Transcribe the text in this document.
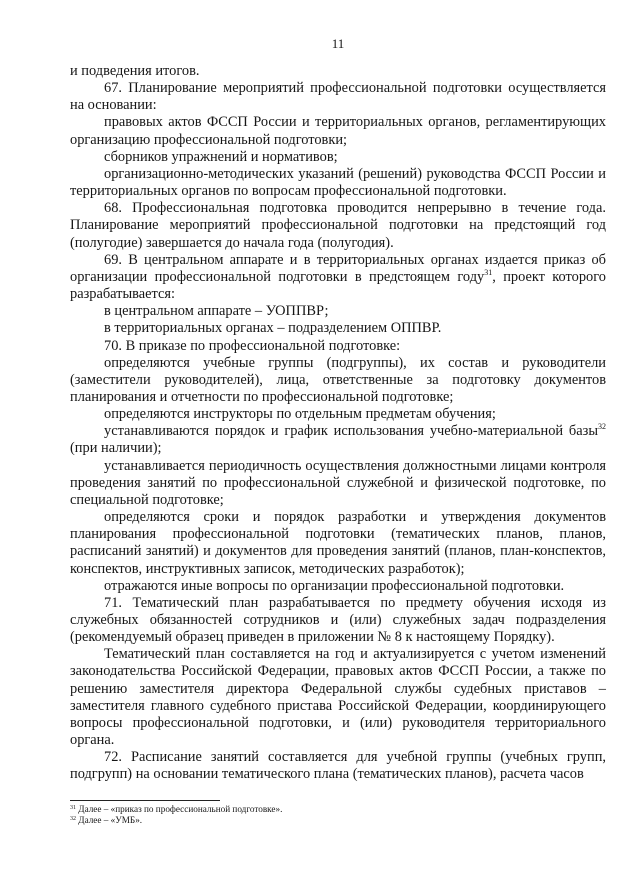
11

и подведения итогов.

67. Планирование мероприятий профессиональной подготовки осуществляется на основании:

правовых актов ФССП России и территориальных органов, регламентирующих организацию профессиональной подготовки;

сборников упражнений и нормативов;

организационно-методических указаний (решений) руководства ФССП России и территориальных органов по вопросам профессиональной подготовки.

68. Профессиональная подготовка проводится непрерывно в течение года. Планирование мероприятий профессиональной подготовки на предстоящий год (полугодие) завершается до начала года (полугодия).

69. В центральном аппарате и в территориальных органах издается приказ об организации профессиональной подготовки в предстоящем году$^{31}$, проект которого разрабатывается:

в центральном аппарате – УОППВР;

в территориальных органах – подразделением ОППВР.

70. В приказе по профессиональной подготовке:

определяются учебные группы (подгруппы), их состав и руководители (заместители руководителей), лица, ответственные за подготовку документов планирования и отчетности по профессиональной подготовке;

определяются инструкторы по отдельным предметам обучения;

устанавливаются порядок и график использования учебно-материальной базы$^{32}$ (при наличии);

устанавливается периодичность осуществления должностными лицами контроля проведения занятий по профессиональной служебной и физической подготовке, по специальной подготовке;

определяются сроки и порядок разработки и утверждения документов планирования профессиональной подготовки (тематических планов, планов, расписаний занятий) и документов для проведения занятий (планов, план-конспектов, конспектов, инструктивных записок, методических разработок);

отражаются иные вопросы по организации профессиональной подготовки.

71. Тематический план разрабатывается по предмету обучения исходя из служебных обязанностей сотрудников и (или) служебных задач подразделения (рекомендуемый образец приведен в приложении № 8 к настоящему Порядку).

Тематический план составляется на год и актуализируется с учетом изменений законодательства Российской Федерации, правовых актов ФССП России, а также по решению заместителя директора Федеральной службы судебных приставов – заместителя главного судебного пристава Российской Федерации, координирующего вопросы профессиональной подготовки, и (или) руководителя территориального органа.

72. Расписание занятий составляется для учебной группы (учебных групп, подгрупп) на основании тематического плана (тематических планов), расчета часов

$^{31}$ Далее – «приказ по профессиональной подготовке».

$^{32}$ Далее – «УМБ».
